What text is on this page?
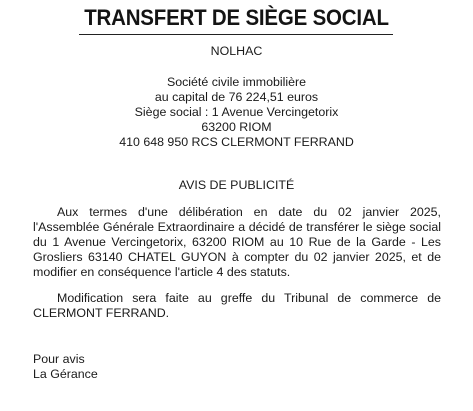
TRANSFERT DE SIÈGE SOCIAL
NOLHAC
Société civile immobilière
au capital de 76 224,51 euros
Siège social : 1 Avenue Vercingetorix
63200 RIOM
410 648 950 RCS CLERMONT FERRAND
AVIS DE PUBLICITÉ

Aux termes d'une délibération en date du 02 janvier 2025, l'Assemblée Générale Extraordinaire a décidé de transférer le siège social du 1 Avenue Vercingetorix, 63200 RIOM au 10 Rue de la Garde - Les Grosliers 63140 CHATEL GUYON à compter du 02 janvier 2025, et de modifier en conséquence l'article 4 des statuts.

Modification sera faite au greffe du Tribunal de commerce de CLERMONT FERRAND.

Pour avis
La Gérance
